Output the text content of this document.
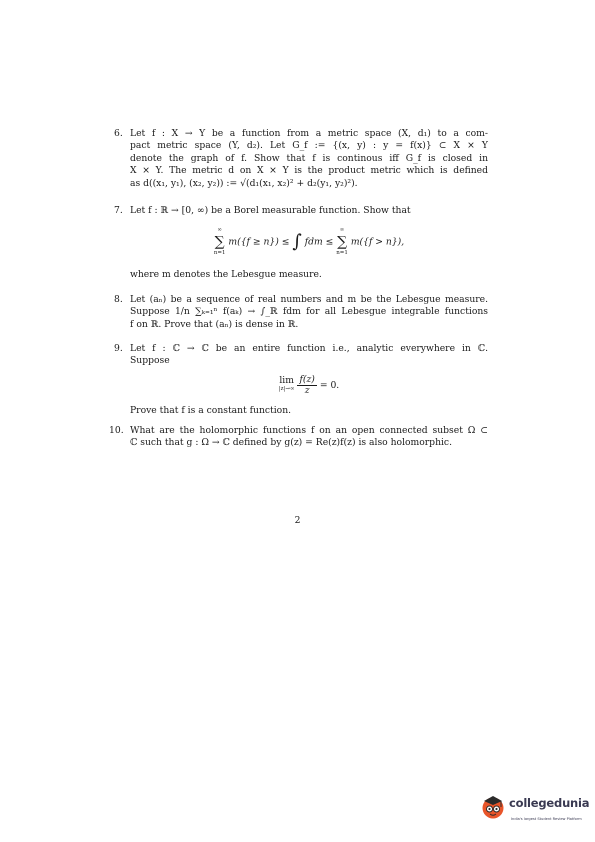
6. Let f : X → Y be a function from a metric space (X, d₁) to a com-
pact metric space (Y, d₂). Let G_f := {(x, y) : y = f(x)} ⊂ X × Y
denote the graph of f. Show that f is continous iff G_f is closed in
X × Y. The metric d on X × Y is the product metric which is defined
as d((x₁, y₁), (x₂, y₂)) := √(d₁(x₁, x₂)² + d₂(y₁, y₂)²).
7. Let f : ℝ → [0, ∞) be a Borel measurable function. Show that
∞
∑
n=1
m({f ≥ n}) ≤ ∫ fdm ≤
∞
∑
n=1
m({f > n}),
where m denotes the Lebesgue measure.
8. Let (aₙ) be a sequence of real numbers and m be the Lebesgue measure.
Suppose 1/n ∑ₖ₌₁ⁿ f(aₖ) → ∫_ℝ fdm for all Lebesgue integrable functions
f on ℝ. Prove that (aₙ) is dense in ℝ.
9. Let f : ℂ → ℂ be an entire function i.e., analytic everywhere in ℂ.
Suppose
lim
|z|→∞
$\frac{f(z)}{z} = 0$.
Prove that f is a constant function.
10. What are the holomorphic functions f on an open connected subset Ω ⊂
ℂ such that g : Ω → ℂ defined by g(z) = Re(z)f(z) is also holomorphic.
2
collegedunia
India's largest Student Review Platform
